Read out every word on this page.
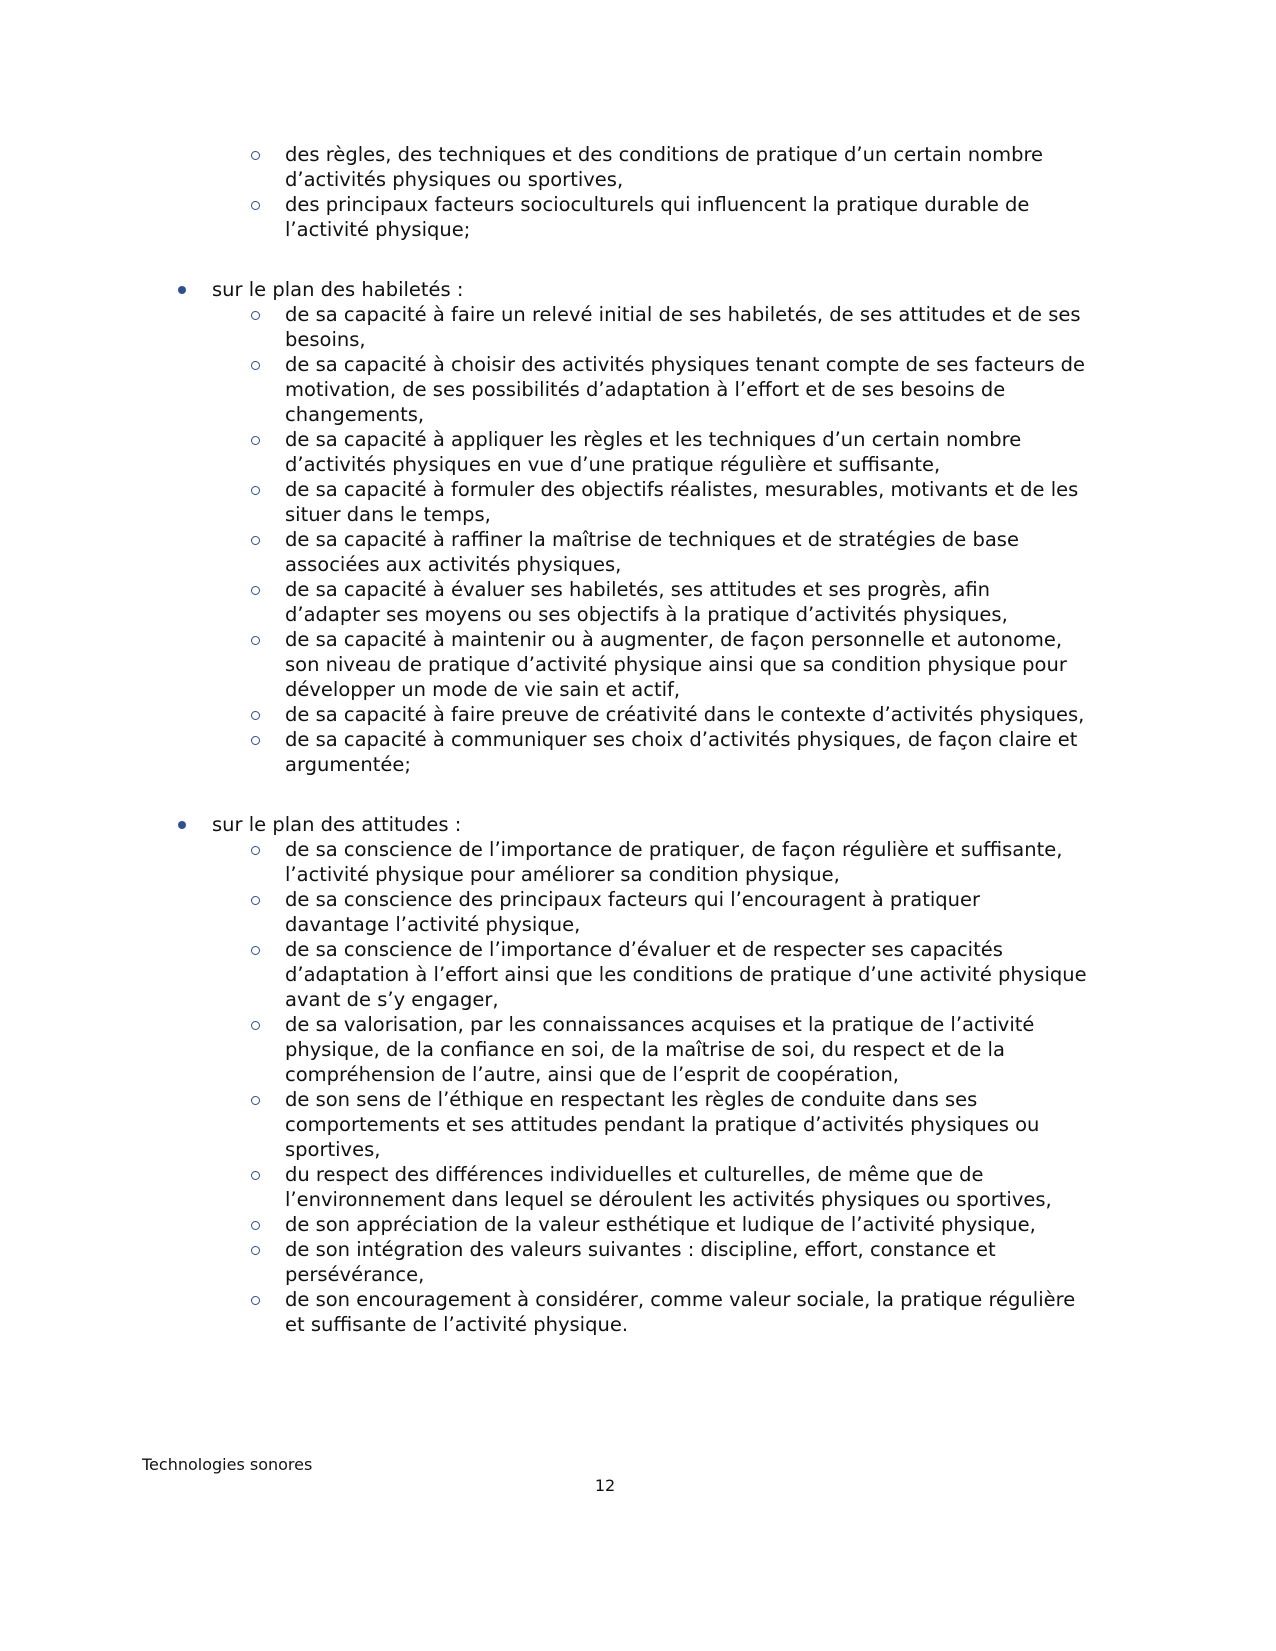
des règles, des techniques et des conditions de pratique d’un certain nombre
d’activités physiques ou sportives,
des principaux facteurs socioculturels qui influencent la pratique durable de
l’activité physique;
sur le plan des habiletés :
de sa capacité à faire un relevé initial de ses habiletés, de ses attitudes et de ses
besoins,
de sa capacité à choisir des activités physiques tenant compte de ses facteurs de
motivation, de ses possibilités d’adaptation à l’effort et de ses besoins de
changements,
de sa capacité à appliquer les règles et les techniques d’un certain nombre
d’activités physiques en vue d’une pratique régulière et suffisante,
de sa capacité à formuler des objectifs réalistes, mesurables, motivants et de les
situer dans le temps,
de sa capacité à raffiner la maîtrise de techniques et de stratégies de base
associées aux activités physiques,
de sa capacité à évaluer ses habiletés, ses attitudes et ses progrès, afin
d’adapter ses moyens ou ses objectifs à la pratique d’activités physiques,
de sa capacité à maintenir ou à augmenter, de façon personnelle et autonome,
son niveau de pratique d’activité physique ainsi que sa condition physique pour
développer un mode de vie sain et actif,
de sa capacité à faire preuve de créativité dans le contexte d’activités physiques,
de sa capacité à communiquer ses choix d’activités physiques, de façon claire et
argumentée;
sur le plan des attitudes :
de sa conscience de l’importance de pratiquer, de façon régulière et suffisante,
l’activité physique pour améliorer sa condition physique,
de sa conscience des principaux facteurs qui l’encouragent à pratiquer
davantage l’activité physique,
de sa conscience de l’importance d’évaluer et de respecter ses capacités
d’adaptation à l’effort ainsi que les conditions de pratique d’une activité physique
avant de s’y engager,
de sa valorisation, par les connaissances acquises et la pratique de l’activité
physique, de la confiance en soi, de la maîtrise de soi, du respect et de la
compréhension de l’autre, ainsi que de l’esprit de coopération,
de son sens de l’éthique en respectant les règles de conduite dans ses
comportements et ses attitudes pendant la pratique d’activités physiques ou
sportives,
du respect des différences individuelles et culturelles, de même que de
l’environnement dans lequel se déroulent les activités physiques ou sportives,
de son appréciation de la valeur esthétique et ludique de l’activité physique,
de son intégration des valeurs suivantes : discipline, effort, constance et
persévérance,
de son encouragement à considérer, comme valeur sociale, la pratique régulière
et suffisante de l’activité physique.
Technologies sonores
12
